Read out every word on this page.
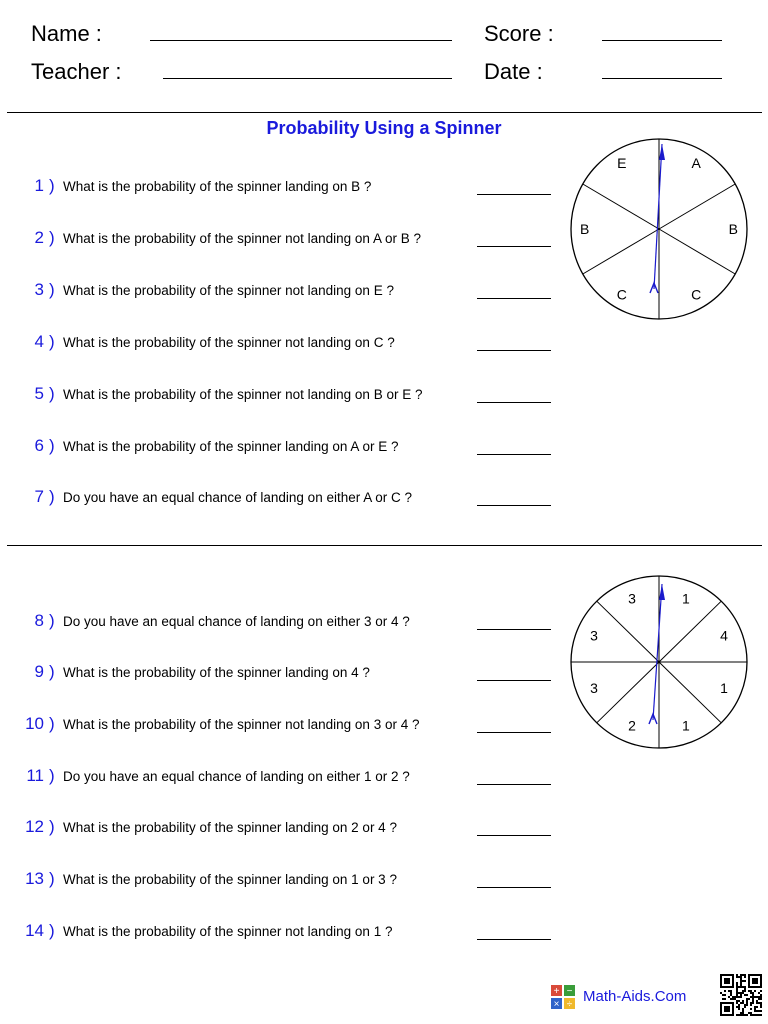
Name :
Teacher :
Score :
Date :
Probability Using a Spinner
1 ) What is the probability of the spinner landing on B ?
2 ) What is the probability of the spinner not landing on A or B ?
3 ) What is the probability of the spinner not landing on E ?
4 ) What is the probability of the spinner not landing on C ?
5 ) What is the probability of the spinner not landing on B or E ?
6 ) What is the probability of the spinner landing on A or E ?
7 ) Do you have an equal chance of landing on either A or C ?
8 ) Do you have an equal chance of landing on either 3 or 4 ?
9 ) What is the probability of the spinner landing on 4 ?
10 ) What is the probability of the spinner not landing on 3 or 4 ?
11 ) Do you have an equal chance of landing on either 1 or 2 ?
12 ) What is the probability of the spinner landing on 2 or 4 ?
13 ) What is the probability of the spinner landing on 1 or 3 ?
14 ) What is the probability of the spinner not landing on 1 ?
A
B
C
C
B
E
1
4
1
1
2
3
3
3
+ −
× ÷ Math-Aids.Com
